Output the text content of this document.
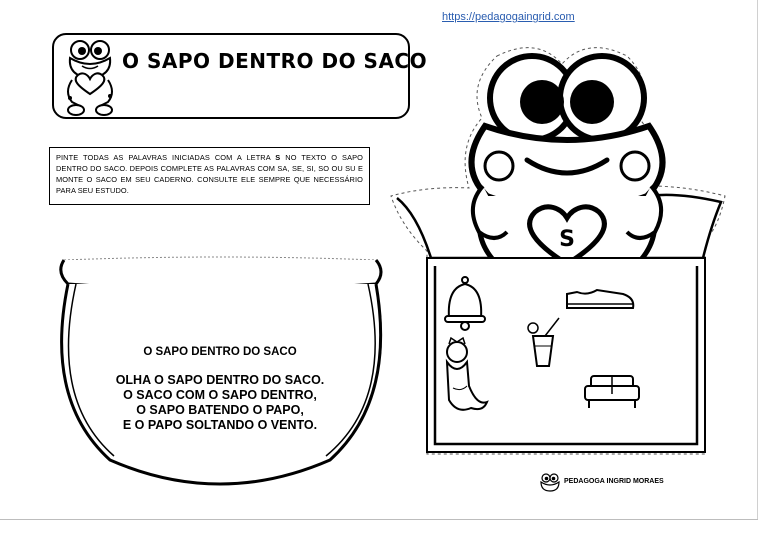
https://pedagogaingrid.com
O SAPO DENTRO DO SACO
PINTE TODAS AS PALAVRAS INICIADAS COM A LETRA S NO TEXTO O SAPO DENTRO DO SACO. DEPOIS COMPLETE AS PALAVRAS COM SA, SE, SI, SO OU SU E MONTE O SACO EM SEU CADERNO. CONSULTE ELE SEMPRE QUE NECESSÁRIO PARA SEU ESTUDO.
O SAPO DENTRO DO SACO
OLHA O SAPO DENTRO DO SACO.
O SACO COM O SAPO DENTRO,
O SAPO BATENDO O PAPO,
E O PAPO SOLTANDO O VENTO.
S
PEDAGOGA INGRID MORAES
